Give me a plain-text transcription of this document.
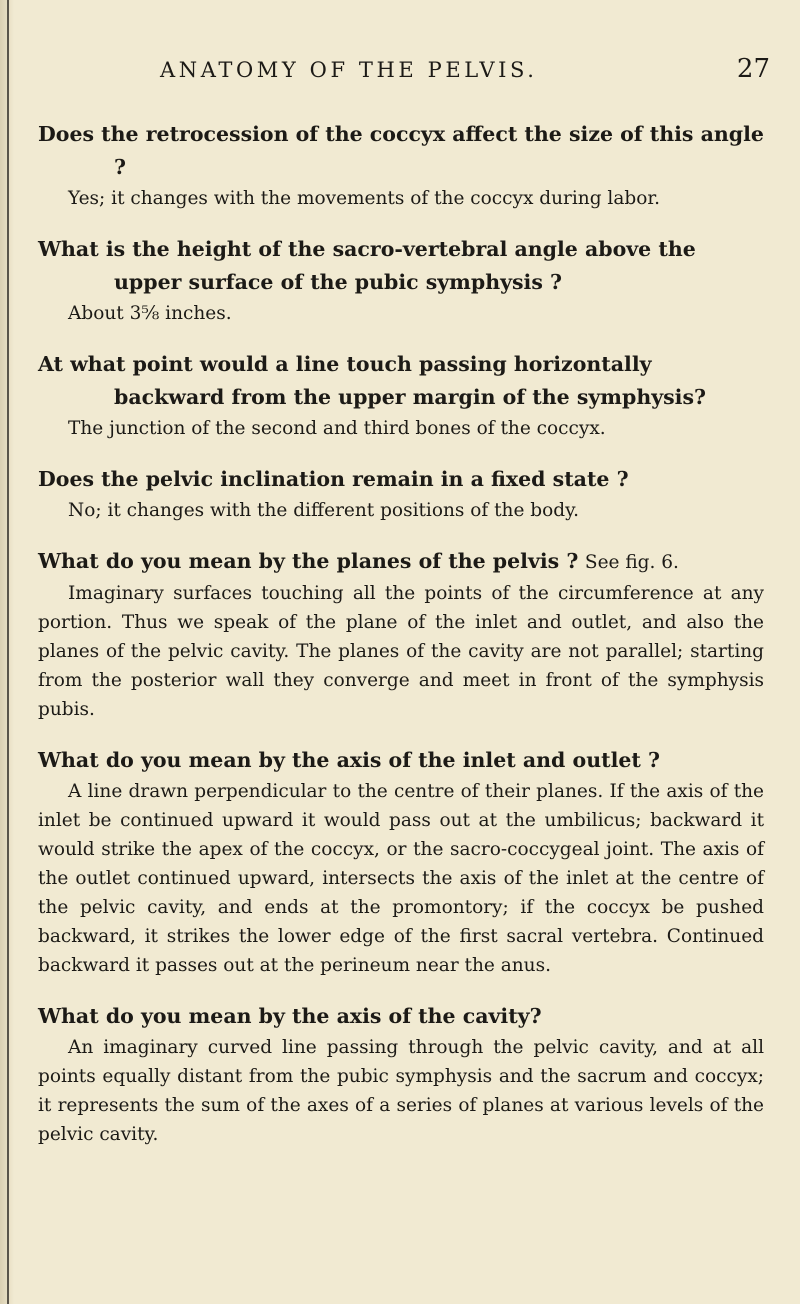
ANATOMY OF THE PELVIS.	27
Does the retrocession of the coccyx affect the size of this angle ?
Yes; it changes with the movements of the coccyx during labor.
What is the height of the sacro-vertebral angle above the upper surface of the pubic symphysis ?
About 3⅝ inches.
At what point would a line touch passing horizontally backward from the upper margin of the symphysis?
The junction of the second and third bones of the coccyx.
Does the pelvic inclination remain in a fixed state ?
No; it changes with the different positions of the body.
What do you mean by the planes of the pelvis ? See fig. 6.
Imaginary surfaces touching all the points of the circumference at any portion. Thus we speak of the plane of the inlet and outlet, and also the planes of the pelvic cavity. The planes of the cavity are not parallel; starting from the posterior wall they converge and meet in front of the symphysis pubis.
What do you mean by the axis of the inlet and outlet ?
A line drawn perpendicular to the centre of their planes. If the axis of the inlet be continued upward it would pass out at the umbilicus; backward it would strike the apex of the coccyx, or the sacro-coccygeal joint. The axis of the outlet continued upward, intersects the axis of the inlet at the centre of the pelvic cavity, and ends at the promontory; if the coccyx be pushed backward, it strikes the lower edge of the first sacral vertebra. Continued backward it passes out at the perineum near the anus.
What do you mean by the axis of the cavity?
An imaginary curved line passing through the pelvic cavity, and at all points equally distant from the pubic symphysis and the sacrum and coccyx; it represents the sum of the axes of a series of planes at various levels of the pelvic cavity.
